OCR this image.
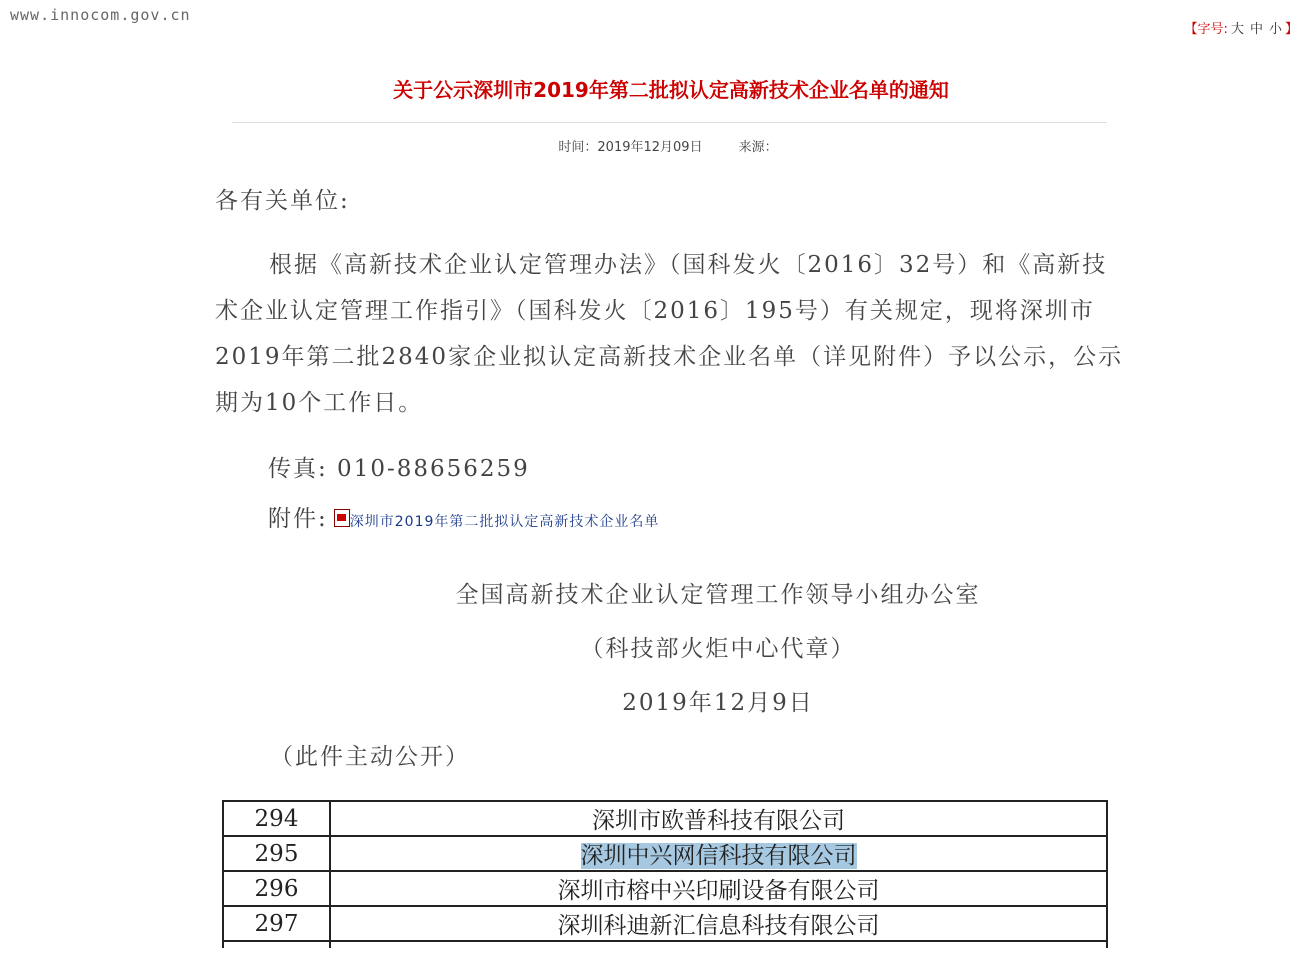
www.innocom.gov.cn
【字号: 大 中 小 】
关于公示深圳市2019年第二批拟认定高新技术企业名单的通知
时间：2019年12月09日	来源：
各有关单位:
根据《高新技术企业认定管理办法》（国科发火〔2016〕32号）和《高新技术企业认定管理工作指引》（国科发火〔2016〕195号）有关规定，现将深圳市2019年第二批2840家企业拟认定高新技术企业名单（详见附件）予以公示，公示期为10个工作日。
传真: 010-88656259
附件: 深圳市2019年第二批拟认定高新技术企业名单
全国高新技术企业认定管理工作领导小组办公室
（科技部火炬中心代章）
2019年12月9日
（此件主动公开）
294	深圳市欧普科技有限公司
295	深圳中兴网信科技有限公司
296	深圳市榕中兴印刷设备有限公司
297	深圳科迪新汇信息科技有限公司
